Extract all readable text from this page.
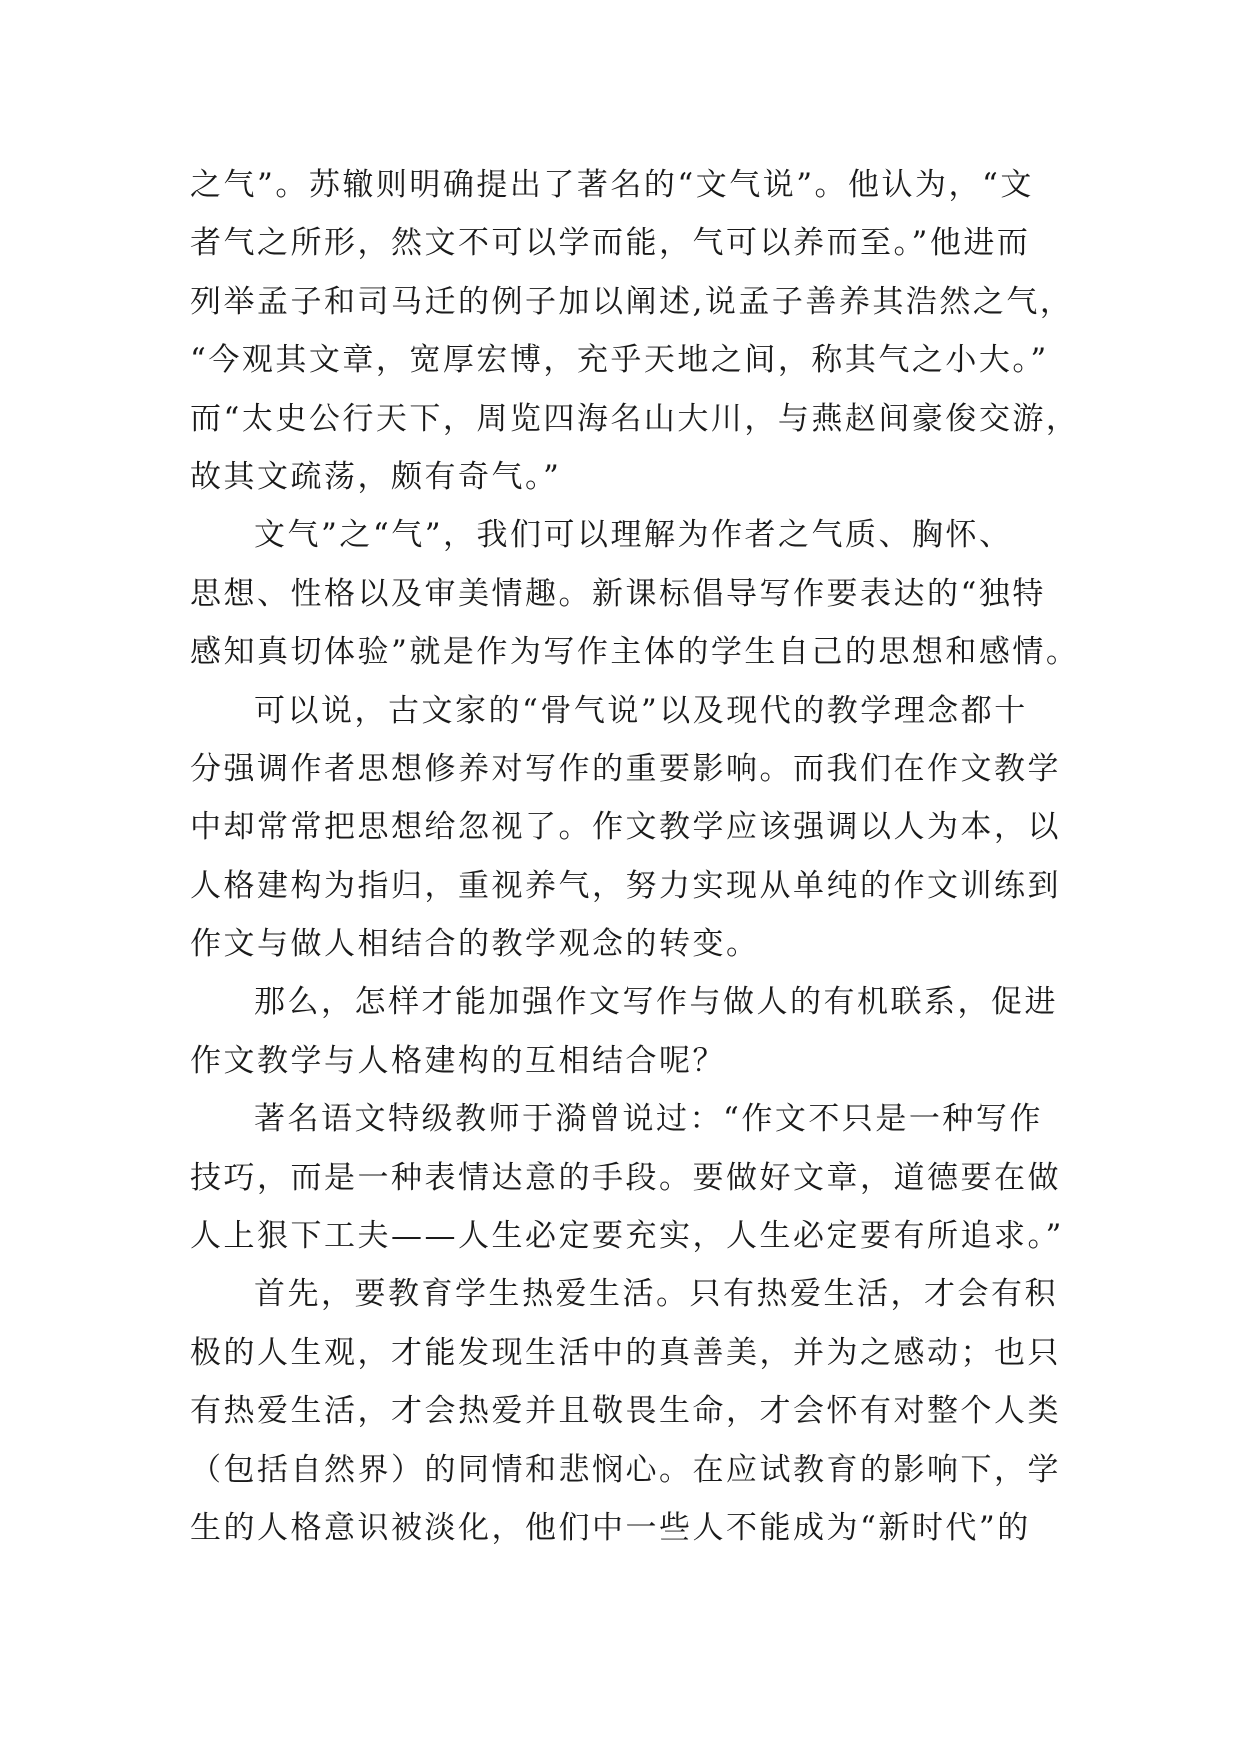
之气”。苏辙则明确提出了著名的“文气说”。他认为，“文
者气之所形，然文不可以学而能，气可以养而至。”他进而
列举孟子和司马迁的例子加以阐述,说孟子善养其浩然之气，
“今观其文章，宽厚宏博，充乎天地之间，称其气之小大。”
而“太史公行天下，周览四海名山大川，与燕赵间豪俊交游，
故其文疏荡，颇有奇气。”
文气”之“气”，我们可以理解为作者之气质、胸怀、
思想、性格以及审美情趣。新课标倡导写作要表达的“独特
感知真切体验”就是作为写作主体的学生自己的思想和感情。
可以说，古文家的“骨气说”以及现代的教学理念都十
分强调作者思想修养对写作的重要影响。而我们在作文教学
中却常常把思想给忽视了。作文教学应该强调以人为本，以
人格建构为指归，重视养气，努力实现从单纯的作文训练到
作文与做人相结合的教学观念的转变。
那么，怎样才能加强作文写作与做人的有机联系，促进
作文教学与人格建构的互相结合呢？
著名语文特级教师于漪曾说过：“作文不只是一种写作
技巧，而是一种表情达意的手段。要做好文章，道德要在做
人上狠下工夫——人生必定要充实，人生必定要有所追求。”
首先，要教育学生热爱生活。只有热爱生活，才会有积
极的人生观，才能发现生活中的真善美，并为之感动；也只
有热爱生活，才会热爱并且敬畏生命，才会怀有对整个人类
（包括自然界）的同情和悲悯心。在应试教育的影响下，学
生的人格意识被淡化，他们中一些人不能成为“新时代”的
